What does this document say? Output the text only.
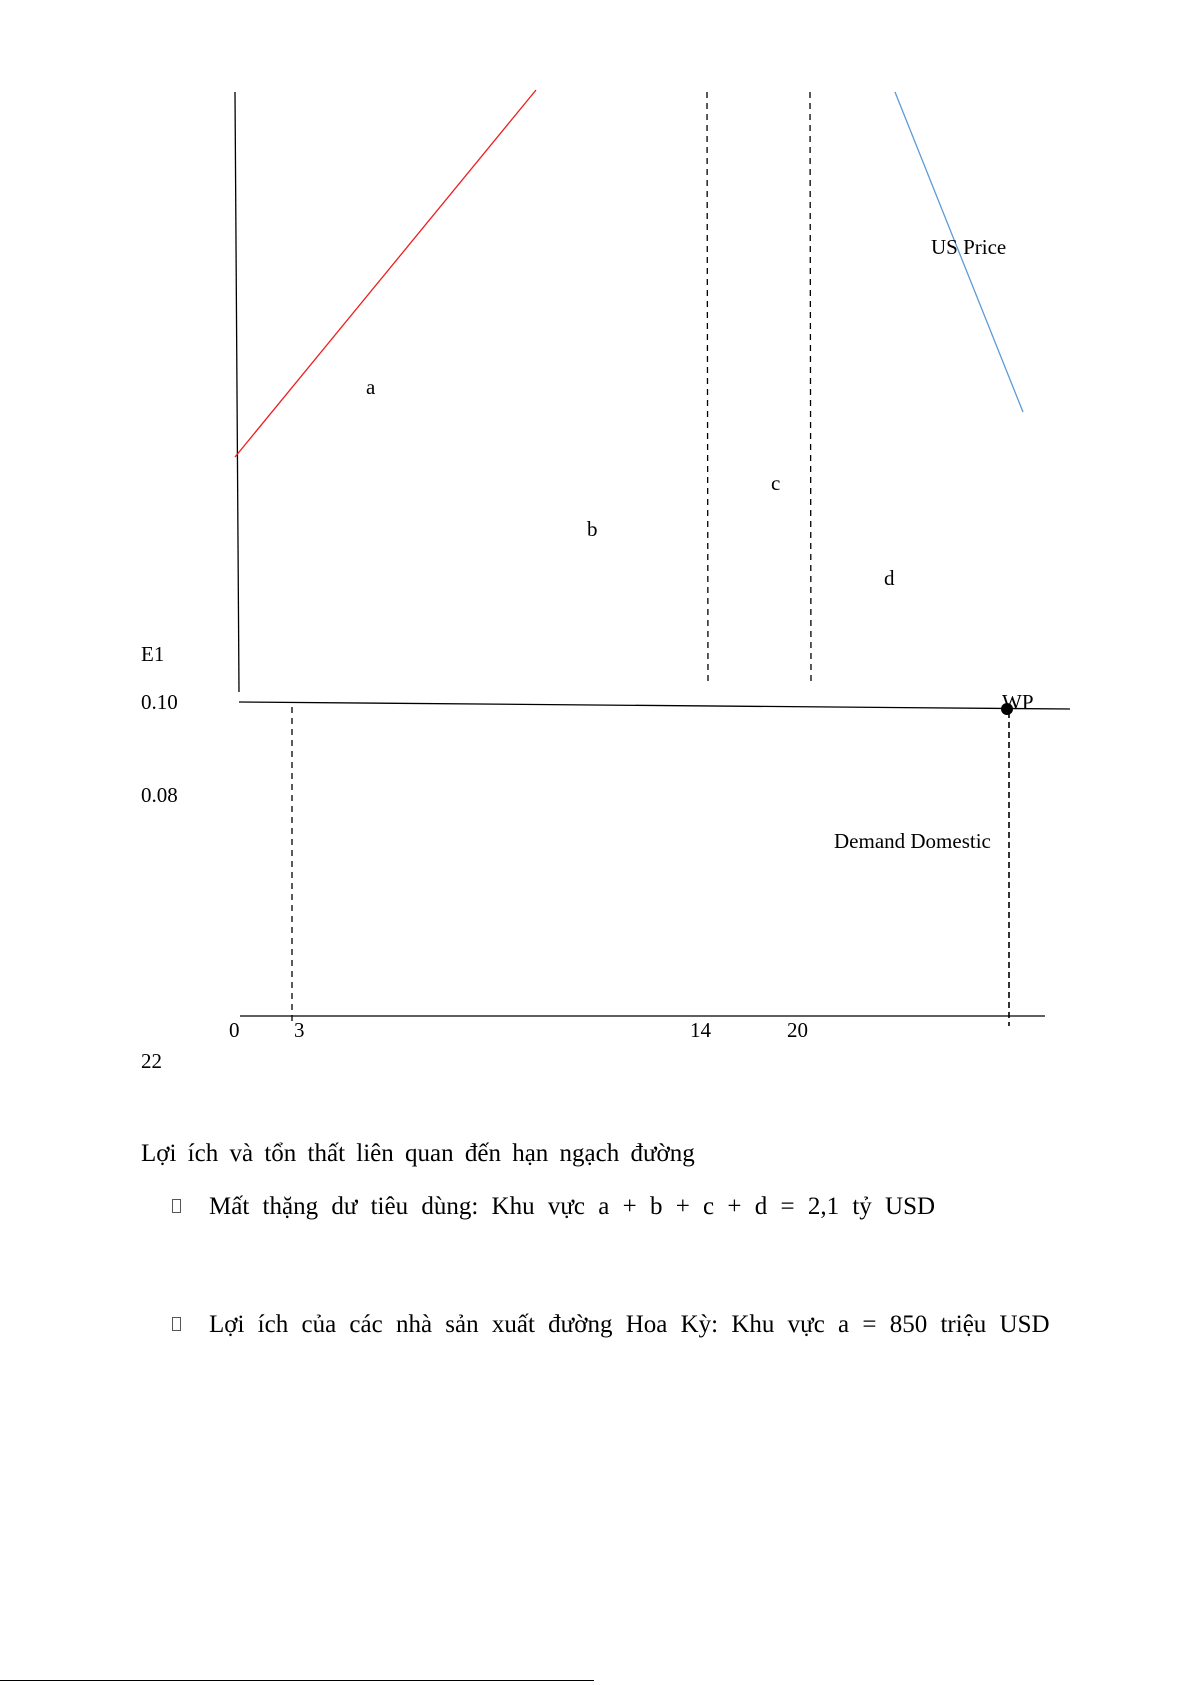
E1
0.10
0.08
0	3	14	20
22
a
b
c
d
US Price
WP
Demand Domestic
Lợi ích và tổn thất liên quan đến hạn ngạch đường
Mất thặng dư tiêu dùng: Khu vực a + b + c + d = 2,1 tỷ USD
Lợi ích của các nhà sản xuất đường Hoa Kỳ: Khu vực a = 850 triệu USD
